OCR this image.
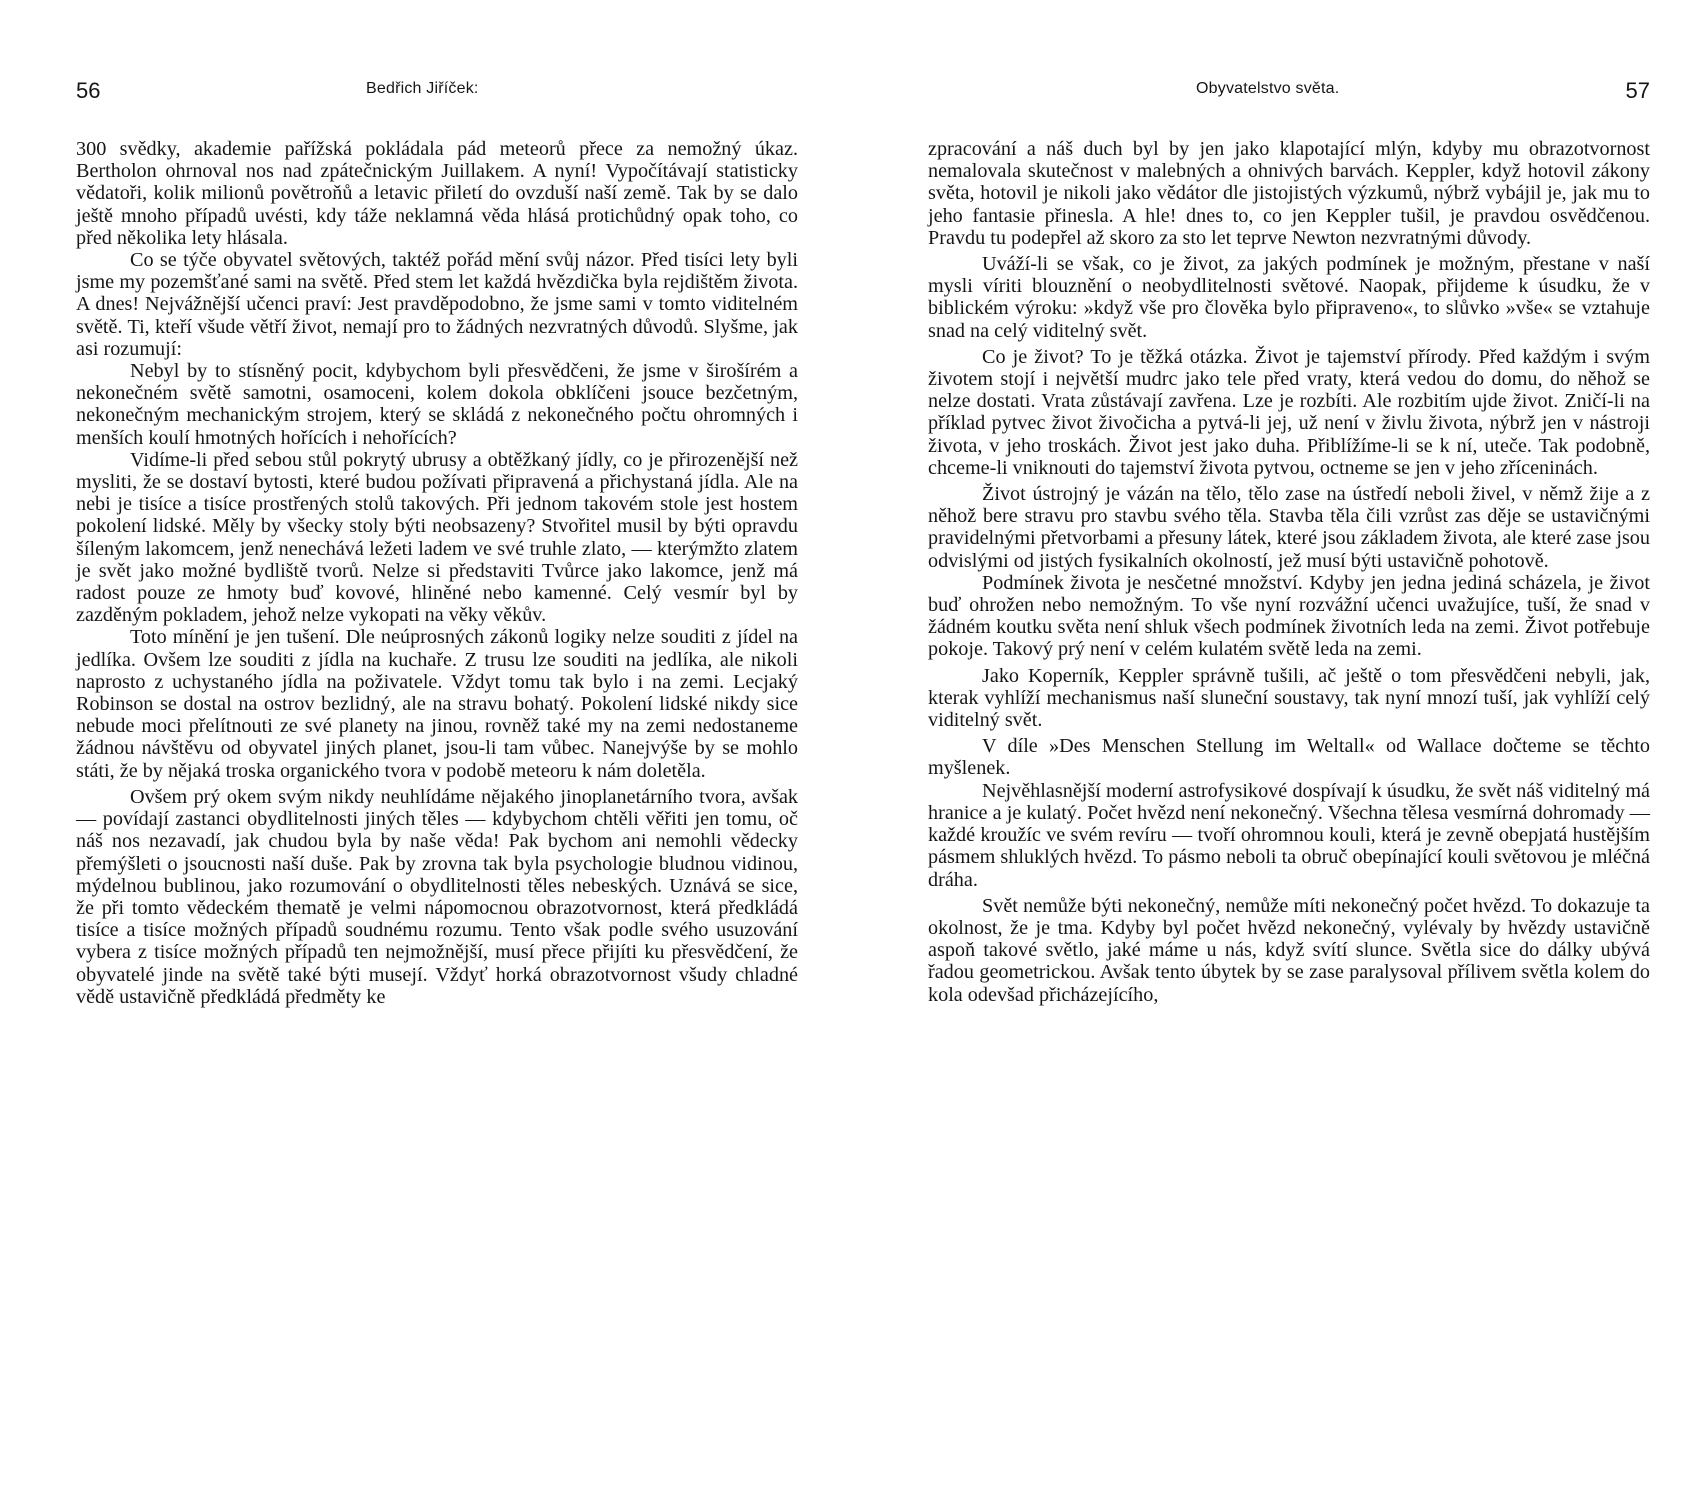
56	Bedřich Jiříček:

300 svědky, akademie pařížská pokládala pád meteorů přece za nemožný úkaz. Bertholon ohrnoval nos nad zpátečnickým Juillakem. A nyní! Vypočítávají statisticky vědatoři, kolik milionů povětroňů a letavic přiletí do ovzduší naší země. Tak by se dalo ještě mnoho případů uvésti, kdy táže neklamná věda hlásá protichůdný opak toho, co před několika lety hlásala.

Co se týče obyvatel světových, taktéž pořád mění svůj názor. Před tisíci lety byli jsme my pozemšťané sami na světě. Před stem let každá hvězdička byla rejdištěm života. A dnes! Nejvážnější učenci praví: Jest pravděpodobno, že jsme sami v tomto viditelném světě. Ti, kteří všude větří život, nemají pro to žádných nezvratných důvodů. Slyšme, jak asi rozumují:

Nebyl by to stísněný pocit, kdybychom byli přesvědčeni, že jsme v širošírém a nekonečném světě samotni, osamoceni, kolem dokola obklíčeni jsouce bezčetným, nekonečným mechanickým strojem, který se skládá z nekonečného počtu ohromných i menších koulí hmotných hořících i nehořících?

Vidíme-li před sebou stůl pokrytý ubrusy a obtěžkaný jídly, co je přirozenější než mysliti, že se dostaví bytosti, které budou požívati připravená a přichystaná jídla. Ale na nebi je tisíce a tisíce prostřených stolů takových. Při jednom takovém stole jest hostem pokolení lidské. Měly by všecky stoly býti neobsazeny? Stvořitel musil by býti opravdu šíleným lakomcem, jenž nenechává ležeti ladem ve své truhle zlato, — kterýmžto zlatem je svět jako možné bydliště tvorů. Nelze si představiti Tvůrce jako lakomce, jenž má radost pouze ze hmoty buď kovové, hliněné nebo kamenné. Celý vesmír byl by zazděným pokladem, jehož nelze vykopati na věky věkův.

Toto mínění je jen tušení. Dle neúprosných zákonů logiky nelze souditi z jídel na jedlíka. Ovšem lze souditi z jídla na kuchaře. Z trusu lze souditi na jedlíka, ale nikoli naprosto z uchystaného jídla na poživatele. Vždyt tomu tak bylo i na zemi. Lecjaký Robinson se dostal na ostrov bezlidný, ale na stravu bohatý. Pokolení lidské nikdy sice nebude moci přelítnouti ze své planety na jinou, rovněž také my na zemi nedostaneme žádnou návštěvu od obyvatel jiných planet, jsou-li tam vůbec. Nanejvýše by se mohlo státi, že by nějaká troska organického tvora v podobě meteoru k nám doletěla.

Ovšem prý okem svým nikdy neuhlídáme nějakého jinoplanetárního tvora, avšak — povídají zastanci obydlitelnosti jiných těles — kdybychom chtěli věřiti jen tomu, oč náš nos nezavadí, jak chudou byla by naše věda! Pak bychom ani nemohli vědecky přemýšleti o jsoucnosti naší duše. Pak by zrovna tak byla psychologie bludnou vidinou, mýdelnou bublinou, jako rozumování o obydlitelnosti těles nebeských. Uznává se sice, že při tomto vědeckém thematě je velmi nápomocnou obrazotvornost, která předkládá tisíce a tisíce možných případů soudnému rozumu. Tento však podle svého usuzování vybera z tisíce možných případů ten nejmožnější, musí přece přijíti ku přesvědčení, že obyvatelé jinde na světě také býti musejí. Vždyť horká obrazotvornost všudy chladné vědě ustavičně předkládá předměty ke

Obyvatelstvo světa.	57

zpracování a náš duch byl by jen jako klapotající mlýn, kdyby mu obrazotvornost nemalovala skutečnost v malebných a ohnivých barvách. Keppler, když hotovil zákony světa, hotovil je nikoli jako vědátor dle jistojistých výzkumů, nýbrž vybájil je, jak mu to jeho fantasie přinesla. A hle! dnes to, co jen Keppler tušil, je pravdou osvědčenou. Pravdu tu podepřel až skoro za sto let teprve Newton nezvratnými důvody.

Uváží-li se však, co je život, za jakých podmínek je možným, přestane v naší mysli víriti blouznění o neobydlitelnosti světové. Naopak, přijdeme k úsudku, že v biblickém výroku: »když vše pro člověka bylo připraveno«, to slůvko »vše« se vztahuje snad na celý viditelný svět.

Co je život? To je těžká otázka. Život je tajemství přírody. Před každým i svým životem stojí i největší mudrc jako tele před vraty, která vedou do domu, do něhož se nelze dostati. Vrata zůstávají zavřena. Lze je rozbíti. Ale rozbitím ujde život. Zničí-li na příklad pytvec život živočicha a pytvá-li jej, už není v živlu života, nýbrž jen v nástroji života, v jeho troskách. Život jest jako duha. Přiblížíme-li se k ní, uteče. Tak podobně, chceme-li vniknouti do tajemství života pytvou, octneme se jen v jeho zříceninách.

Život ústrojný je vázán na tělo, tělo zase na ústředí neboli živel, v němž žije a z něhož bere stravu pro stavbu svého těla. Stavba těla čili vzrůst zas děje se ustavičnými pravidelnými přetvorbami a přesuny látek, které jsou základem života, ale které zase jsou odvislými od jistých fysikalních okolností, jež musí býti ustavičně pohotově.

Podmínek života je nesčetné množství. Kdyby jen jedna jediná scházela, je život buď ohrožen nebo nemožným. To vše nyní rozvážní učenci uvažujíce, tuší, že snad v žádném koutku světa není shluk všech podmínek životních leda na zemi. Život potřebuje pokoje. Takový prý není v celém kulatém světě leda na zemi.

Jako Koperník, Keppler správně tušili, ač ještě o tom přesvědčeni nebyli, jak, kterak vyhlíží mechanismus naší sluneční soustavy, tak nyní mnozí tuší, jak vyhlíží celý viditelný svět.

V díle »Des Menschen Stellung im Weltall« od Wallace dočteme se těchto myšlenek.

Nejvěhlasnější moderní astrofysikové dospívají k úsudku, že svět náš viditelný má hranice a je kulatý. Počet hvězd není nekonečný. Všechna tělesa vesmírná dohromady — každé kroužíc ve svém revíru — tvoří ohromnou kouli, která je zevně obepjatá hustějším pásmem shluklých hvězd. To pásmo neboli ta obruč obepínající kouli světovou je mléčná dráha.

Svět nemůže býti nekonečný, nemůže míti nekonečný počet hvězd. To dokazuje ta okolnost, že je tma. Kdyby byl počet hvězd nekonečný, vylévaly by hvězdy ustavičně aspoň takové světlo, jaké máme u nás, když svítí slunce. Světla sice do dálky ubývá řadou geometrickou. Avšak tento úbytek by se zase paralysoval přílivem světla kolem do kola odevšad přicházejícího,
